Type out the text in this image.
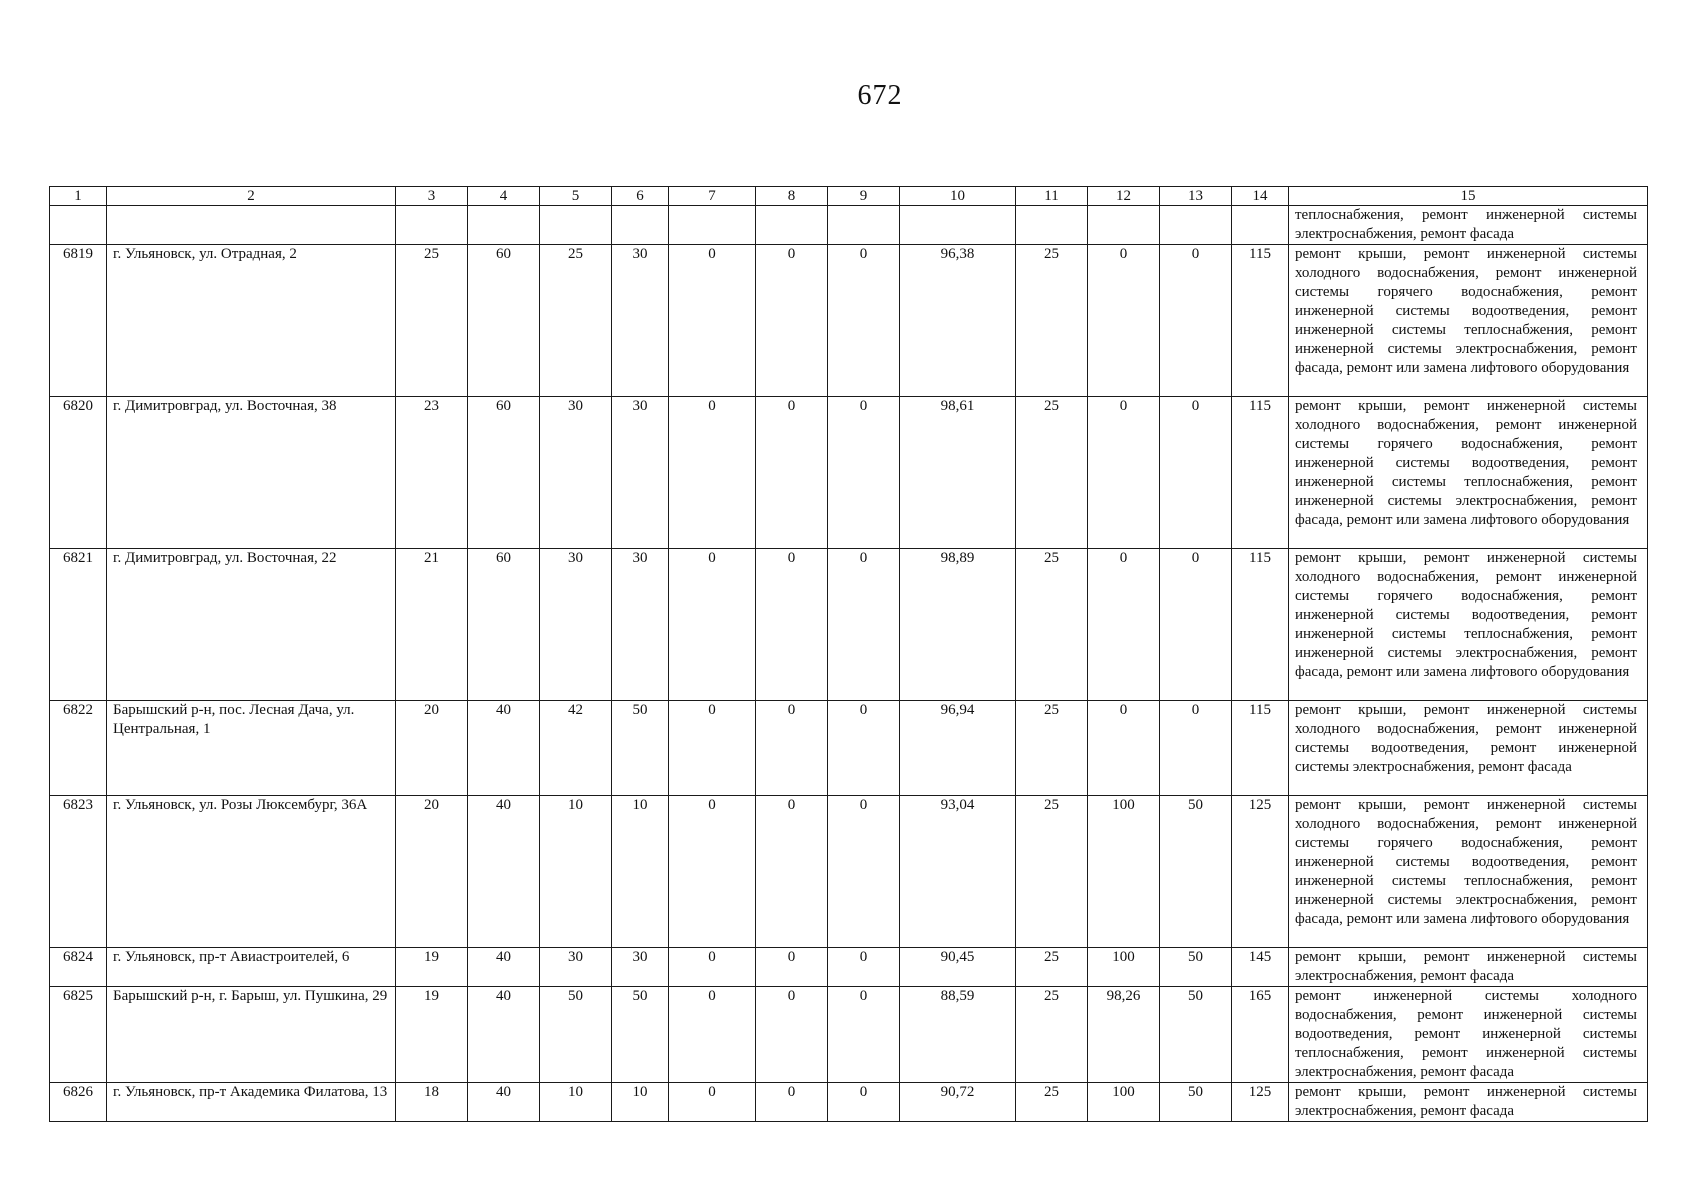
672
1	2	3	4	5	6	7	8	9	10	11	12	13	14	15
														теплоснабжения, ремонт инженерной системы электроснабжения, ремонт фасада
6819	г. Ульяновск, ул. Отрадная, 2	25	60	25	30	0	0	0	96,38	25	0	0	115	ремонт крыши, ремонт инженерной системы холодного водоснабжения, ремонт инженерной системы горячего водоснабжения, ремонт инженерной системы водоотведения, ремонт инженерной системы теплоснабжения, ремонт инженерной системы электроснабжения, ремонт фасада, ремонт или замена лифтового оборудования
6820	г. Димитровград, ул. Восточная, 38	23	60	30	30	0	0	0	98,61	25	0	0	115	ремонт крыши, ремонт инженерной системы холодного водоснабжения, ремонт инженерной системы горячего водоснабжения, ремонт инженерной системы водоотведения, ремонт инженерной системы теплоснабжения, ремонт инженерной системы электроснабжения, ремонт фасада, ремонт или замена лифтового оборудования
6821	г. Димитровград, ул. Восточная, 22	21	60	30	30	0	0	0	98,89	25	0	0	115	ремонт крыши, ремонт инженерной системы холодного водоснабжения, ремонт инженерной системы горячего водоснабжения, ремонт инженерной системы водоотведения, ремонт инженерной системы теплоснабжения, ремонт инженерной системы электроснабжения, ремонт фасада, ремонт или замена лифтового оборудования
6822	Барышский р-н, пос. Лесная Дача, ул. Центральная, 1	20	40	42	50	0	0	0	96,94	25	0	0	115	ремонт крыши, ремонт инженерной системы холодного водоснабжения, ремонт инженерной системы водоотведения, ремонт инженерной системы электроснабжения, ремонт фасада
6823	г. Ульяновск, ул. Розы Люксембург, 36А	20	40	10	10	0	0	0	93,04	25	100	50	125	ремонт крыши, ремонт инженерной системы холодного водоснабжения, ремонт инженерной системы горячего водоснабжения, ремонт инженерной системы водоотведения, ремонт инженерной системы теплоснабжения, ремонт инженерной системы электроснабжения, ремонт фасада, ремонт или замена лифтового оборудования
6824	г. Ульяновск, пр-т Авиастроителей, 6	19	40	30	30	0	0	0	90,45	25	100	50	145	ремонт крыши, ремонт инженерной системы электроснабжения, ремонт фасада
6825	Барышский р-н, г. Барыш, ул. Пушкина, 29	19	40	50	50	0	0	0	88,59	25	98,26	50	165	ремонт инженерной системы холодного водоснабжения, ремонт инженерной системы водоотведения, ремонт инженерной системы теплоснабжения, ремонт инженерной системы электроснабжения, ремонт фасада
6826	г. Ульяновск, пр-т Академика Филатова, 13	18	40	10	10	0	0	0	90,72	25	100	50	125	ремонт крыши, ремонт инженерной системы электроснабжения, ремонт фасада
